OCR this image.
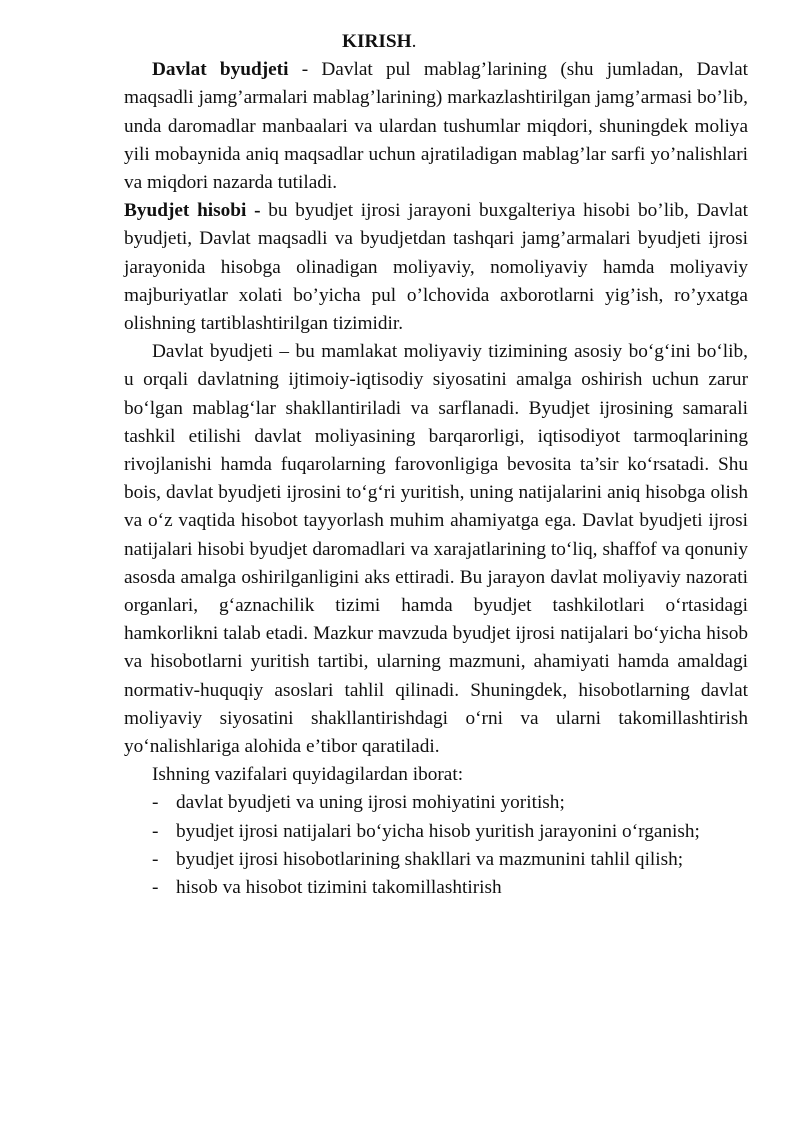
KIRISH.

Davlat byudjeti - Davlat pul mablag’larining (shu jumladan, Davlat maqsadli jamg’armalari mablag’larining) markazlashtirilgan jamg’armasi bo’lib, unda daromadlar manbaalari va ulardan tushumlar miqdori, shuningdek moliya yili mobaynida aniq maqsadlar uchun ajratiladigan mablag’lar sarfi yo’nalishlari va miqdori nazarda tutiladi.

Byudjet hisobi - bu byudjet ijrosi jarayoni buxgalteriya hisobi bo’lib, Davlat byudjeti, Davlat maqsadli va byudjetdan tashqari jamg’armalari byudjeti ijrosi jarayonida hisobga olinadigan moliyaviy, nomoliyaviy hamda moliyaviy majburiyatlar xolati bo’yicha pul o’lchovida axborotlarni yig’ish, ro’yxatga olishning tartiblashtirilgan tizimidir.

Davlat byudjeti – bu mamlakat moliyaviy tizimining asosiy bo‘g‘ini bo‘lib, u orqali davlatning ijtimoiy-iqtisodiy siyosatini amalga oshirish uchun zarur bo‘lgan mablag‘lar shakllantiriladi va sarflanadi. Byudjet ijrosining samarali tashkil etilishi davlat moliyasining barqarorligi, iqtisodiyot tarmoqlarining rivojlanishi hamda fuqarolarning farovonligiga bevosita ta’sir ko‘rsatadi. Shu bois, davlat byudjeti ijrosini to‘g‘ri yuritish, uning natijalarini aniq hisobga olish va o‘z vaqtida hisobot tayyorlash muhim ahamiyatga ega. Davlat byudjeti ijrosi natijalari hisobi byudjet daromadlari va xarajatlarining to‘liq, shaffof va qonuniy asosda amalga oshirilganligini aks ettiradi. Bu jarayon davlat moliyaviy nazorati organlari, g‘aznachilik tizimi hamda byudjet tashkilotlari o‘rtasidagi hamkorlikni talab etadi. Mazkur mavzuda byudjet ijrosi natijalari bo‘yicha hisob va hisobotlarni yuritish tartibi, ularning mazmuni, ahamiyati hamda amaldagi normativ-huquqiy asoslari tahlil qilinadi. Shuningdek, hisobotlarning davlat moliyaviy siyosatini shakllantirishdagi o‘rni va ularni takomillashtirish yo‘nalishlariga alohida e’tibor qaratiladi.

Ishning vazifalari quyidagilardan iborat:

- davlat byudjeti va uning ijrosi mohiyatini yoritish;
- byudjet ijrosi natijalari bo‘yicha hisob yuritish jarayonini o‘rganish;
- byudjet ijrosi hisobotlarining shakllari va mazmunini tahlil qilish;
- hisob va hisobot tizimini takomillashtirish
